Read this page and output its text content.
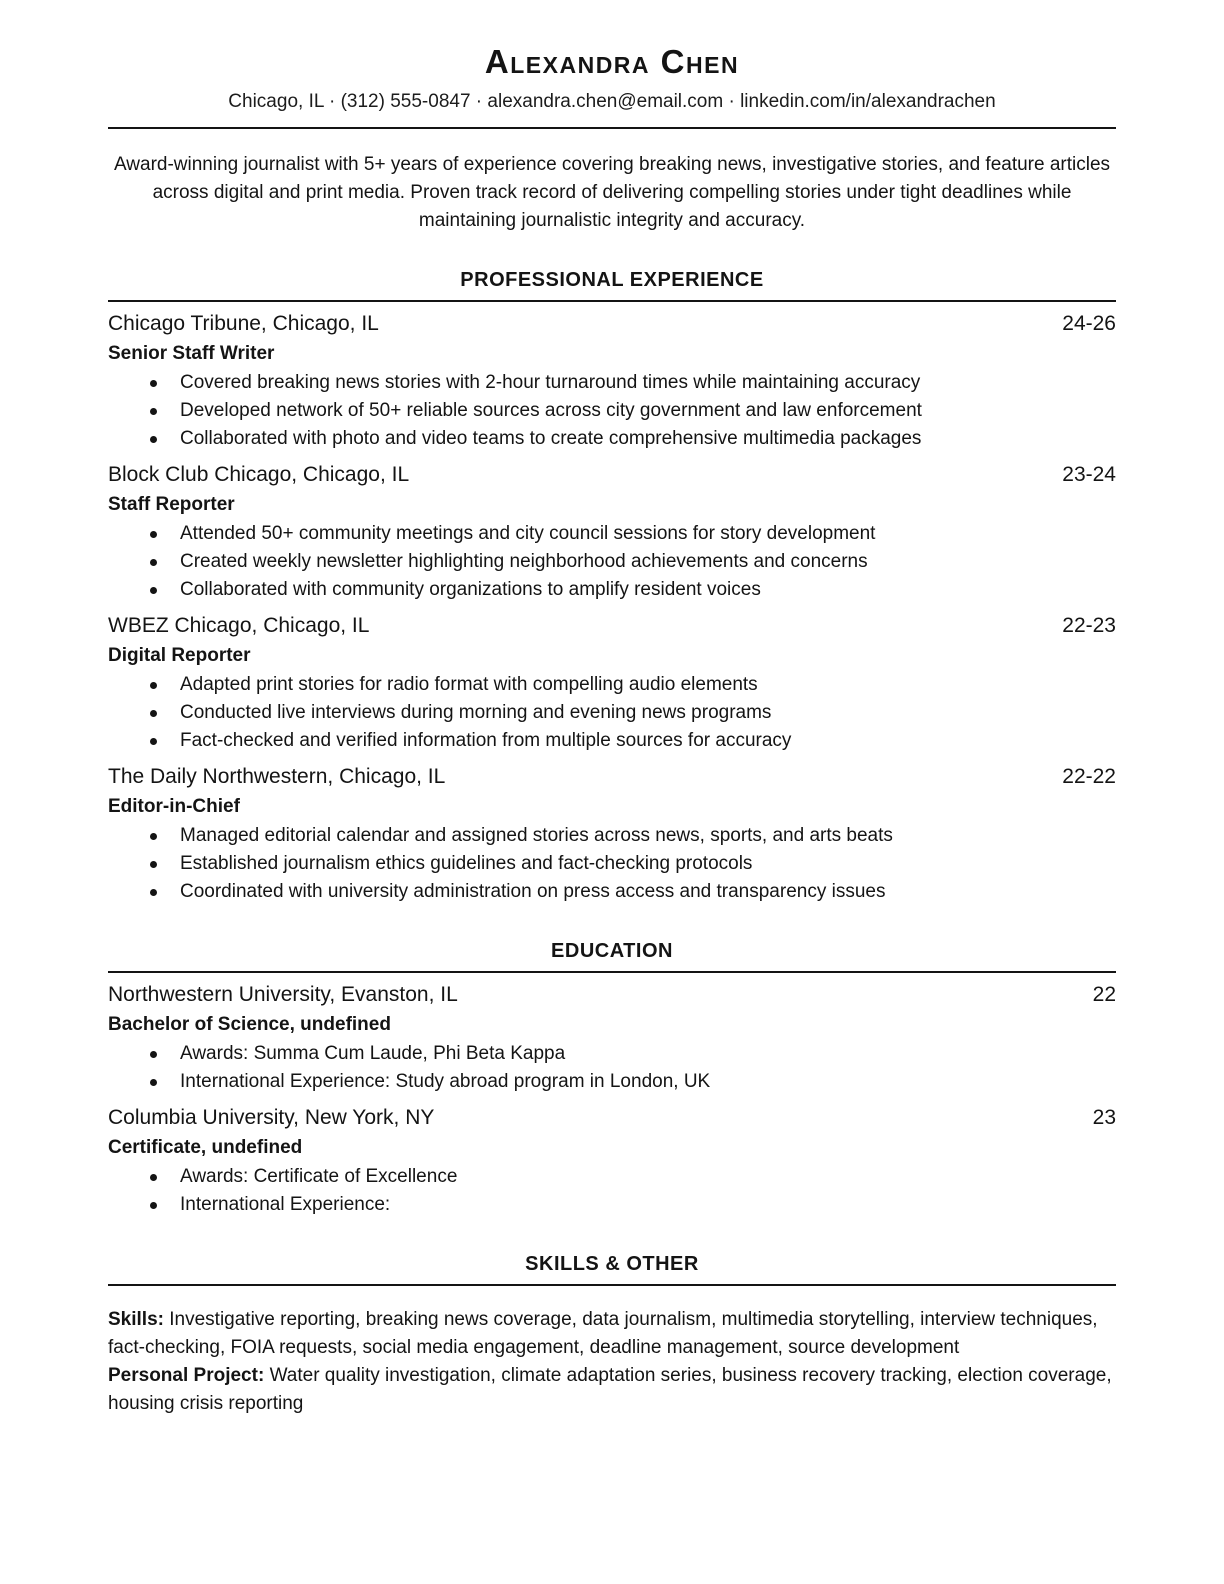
Alexandra Chen
Chicago, IL · (312) 555-0847 · alexandra.chen@email.com · linkedin.com/in/alexandrachen

Award-winning journalist with 5+ years of experience covering breaking news, investigative stories, and feature articles across digital and print media. Proven track record of delivering compelling stories under tight deadlines while maintaining journalistic integrity and accuracy.

PROFESSIONAL EXPERIENCE
Chicago Tribune, Chicago, IL	24-26
Senior Staff Writer
Covered breaking news stories with 2-hour turnaround times while maintaining accuracy
Developed network of 50+ reliable sources across city government and law enforcement
Collaborated with photo and video teams to create comprehensive multimedia packages
Block Club Chicago, Chicago, IL	23-24
Staff Reporter
Attended 50+ community meetings and city council sessions for story development
Created weekly newsletter highlighting neighborhood achievements and concerns
Collaborated with community organizations to amplify resident voices
WBEZ Chicago, Chicago, IL	22-23
Digital Reporter
Adapted print stories for radio format with compelling audio elements
Conducted live interviews during morning and evening news programs
Fact-checked and verified information from multiple sources for accuracy
The Daily Northwestern, Chicago, IL	22-22
Editor-in-Chief
Managed editorial calendar and assigned stories across news, sports, and arts beats
Established journalism ethics guidelines and fact-checking protocols
Coordinated with university administration on press access and transparency issues
EDUCATION
Northwestern University, Evanston, IL	22
Bachelor of Science, undefined
Awards: Summa Cum Laude, Phi Beta Kappa
International Experience: Study abroad program in London, UK
Columbia University, New York, NY	23
Certificate, undefined
Awards: Certificate of Excellence
International Experience:
SKILLS & OTHER

Skills: Investigative reporting, breaking news coverage, data journalism, multimedia storytelling, interview techniques, fact-checking, FOIA requests, social media engagement, deadline management, source development

Personal Project: Water quality investigation, climate adaptation series, business recovery tracking, election coverage, housing crisis reporting
